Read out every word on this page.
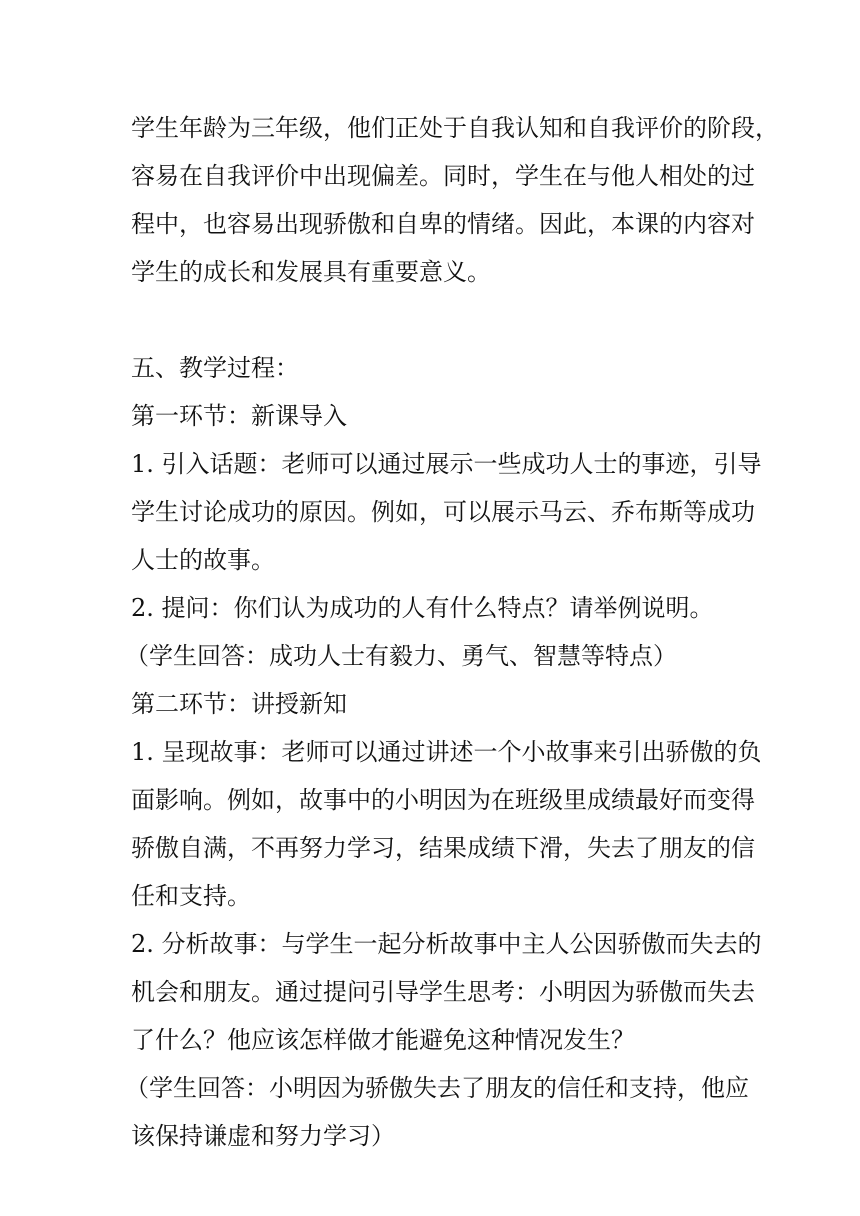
学生年龄为三年级，他们正处于自我认知和自我评价的阶段，
容易在自我评价中出现偏差。同时，学生在与他人相处的过
程中，也容易出现骄傲和自卑的情绪。因此，本课的内容对
学生的成长和发展具有重要意义。
五、教学过程：
第一环节：新课导入
1. 引入话题：老师可以通过展示一些成功人士的事迹，引导
学生讨论成功的原因。例如，可以展示马云、乔布斯等成功
人士的故事。
2. 提问：你们认为成功的人有什么特点？请举例说明。
（学生回答：成功人士有毅力、勇气、智慧等特点）
第二环节：讲授新知
1. 呈现故事：老师可以通过讲述一个小故事来引出骄傲的负
面影响。例如，故事中的小明因为在班级里成绩最好而变得
骄傲自满，不再努力学习，结果成绩下滑，失去了朋友的信
任和支持。
2. 分析故事：与学生一起分析故事中主人公因骄傲而失去的
机会和朋友。通过提问引导学生思考：小明因为骄傲而失去
了什么？他应该怎样做才能避免这种情况发生？
（学生回答：小明因为骄傲失去了朋友的信任和支持，他应
该保持谦虚和努力学习）
